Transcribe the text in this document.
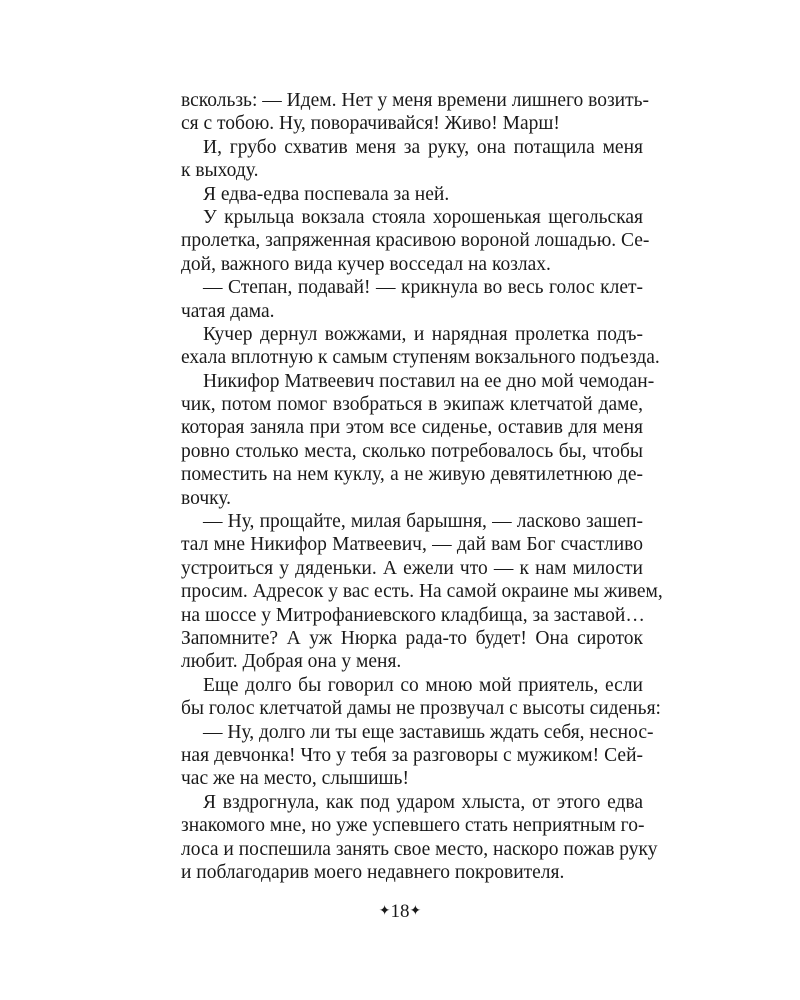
вскользь: — Идем. Нет у меня времени лишнего возить-
ся с тобою. Ну, поворачивайся! Живо! Марш!
И, грубо схватив меня за руку, она потащила меня
к выходу.
Я едва-едва поспевала за ней.
У крыльца вокзала стояла хорошенькая щегольская
пролетка, запряженная красивою вороной лошадью. Се-
дой, важного вида кучер восседал на козлах.
— Степан, подавай! — крикнула во весь голос клет-
чатая дама.
Кучер дернул вожжами, и нарядная пролетка подъ-
ехала вплотную к самым ступеням вокзального подъезда.
Никифор Матвеевич поставил на ее дно мой чемодан-
чик, потом помог взобраться в экипаж клетчатой даме,
которая заняла при этом все сиденье, оставив для меня
ровно столько места, сколько потребовалось бы, чтобы
поместить на нем куклу, а не живую девятилетнюю де-
вочку.
— Ну, прощайте, милая барышня, — ласково зашеп-
тал мне Никифор Матвеевич, — дай вам Бог счастливо
устроиться у дяденьки. А ежели что — к нам милости
просим. Адресок у вас есть. На самой окраине мы живем,
на шоссе у Митрофаниевского кладбища, за заставой…
Запомните? А уж Нюрка рада-то будет! Она сироток
любит. Добрая она у меня.
Еще долго бы говорил со мною мой приятель, если
бы голос клетчатой дамы не прозвучал с высоты сиденья:
— Ну, долго ли ты еще заставишь ждать себя, неснос-
ная девчонка! Что у тебя за разговоры с мужиком! Сей-
час же на место, слышишь!
Я вздрогнула, как под ударом хлыста, от этого едва
знакомого мне, но уже успевшего стать неприятным го-
лоса и поспешила занять свое место, наскоро пожав руку
и поблагодарив моего недавнего покровителя.
✦18✦
